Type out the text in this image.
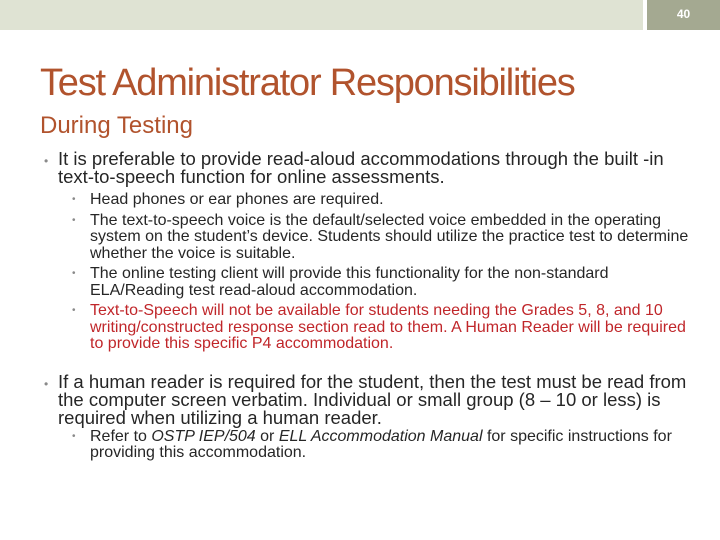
40
Test Administrator Responsibilities
During Testing
• It is preferable to provide read-aloud accommodations through the built -in text-to-speech function for online assessments.
• Head phones or ear phones are required.
• The text-to-speech voice is the default/selected voice embedded in the operating system on the student’s device. Students should utilize the practice test to determine whether the voice is suitable.
• The online testing client will provide this functionality for the non-standard ELA/Reading test read-aloud accommodation.
• Text-to-Speech will not be available for students needing the Grades 5, 8, and 10 writing/constructed response section read to them. A Human Reader will be required to provide this specific P4 accommodation.
• If a human reader is required for the student, then the test must be read from the computer screen verbatim. Individual or small group (8 – 10 or less) is required when utilizing a human reader.
• Refer to OSTP IEP/504 or ELL Accommodation Manual for specific instructions for providing this accommodation.
